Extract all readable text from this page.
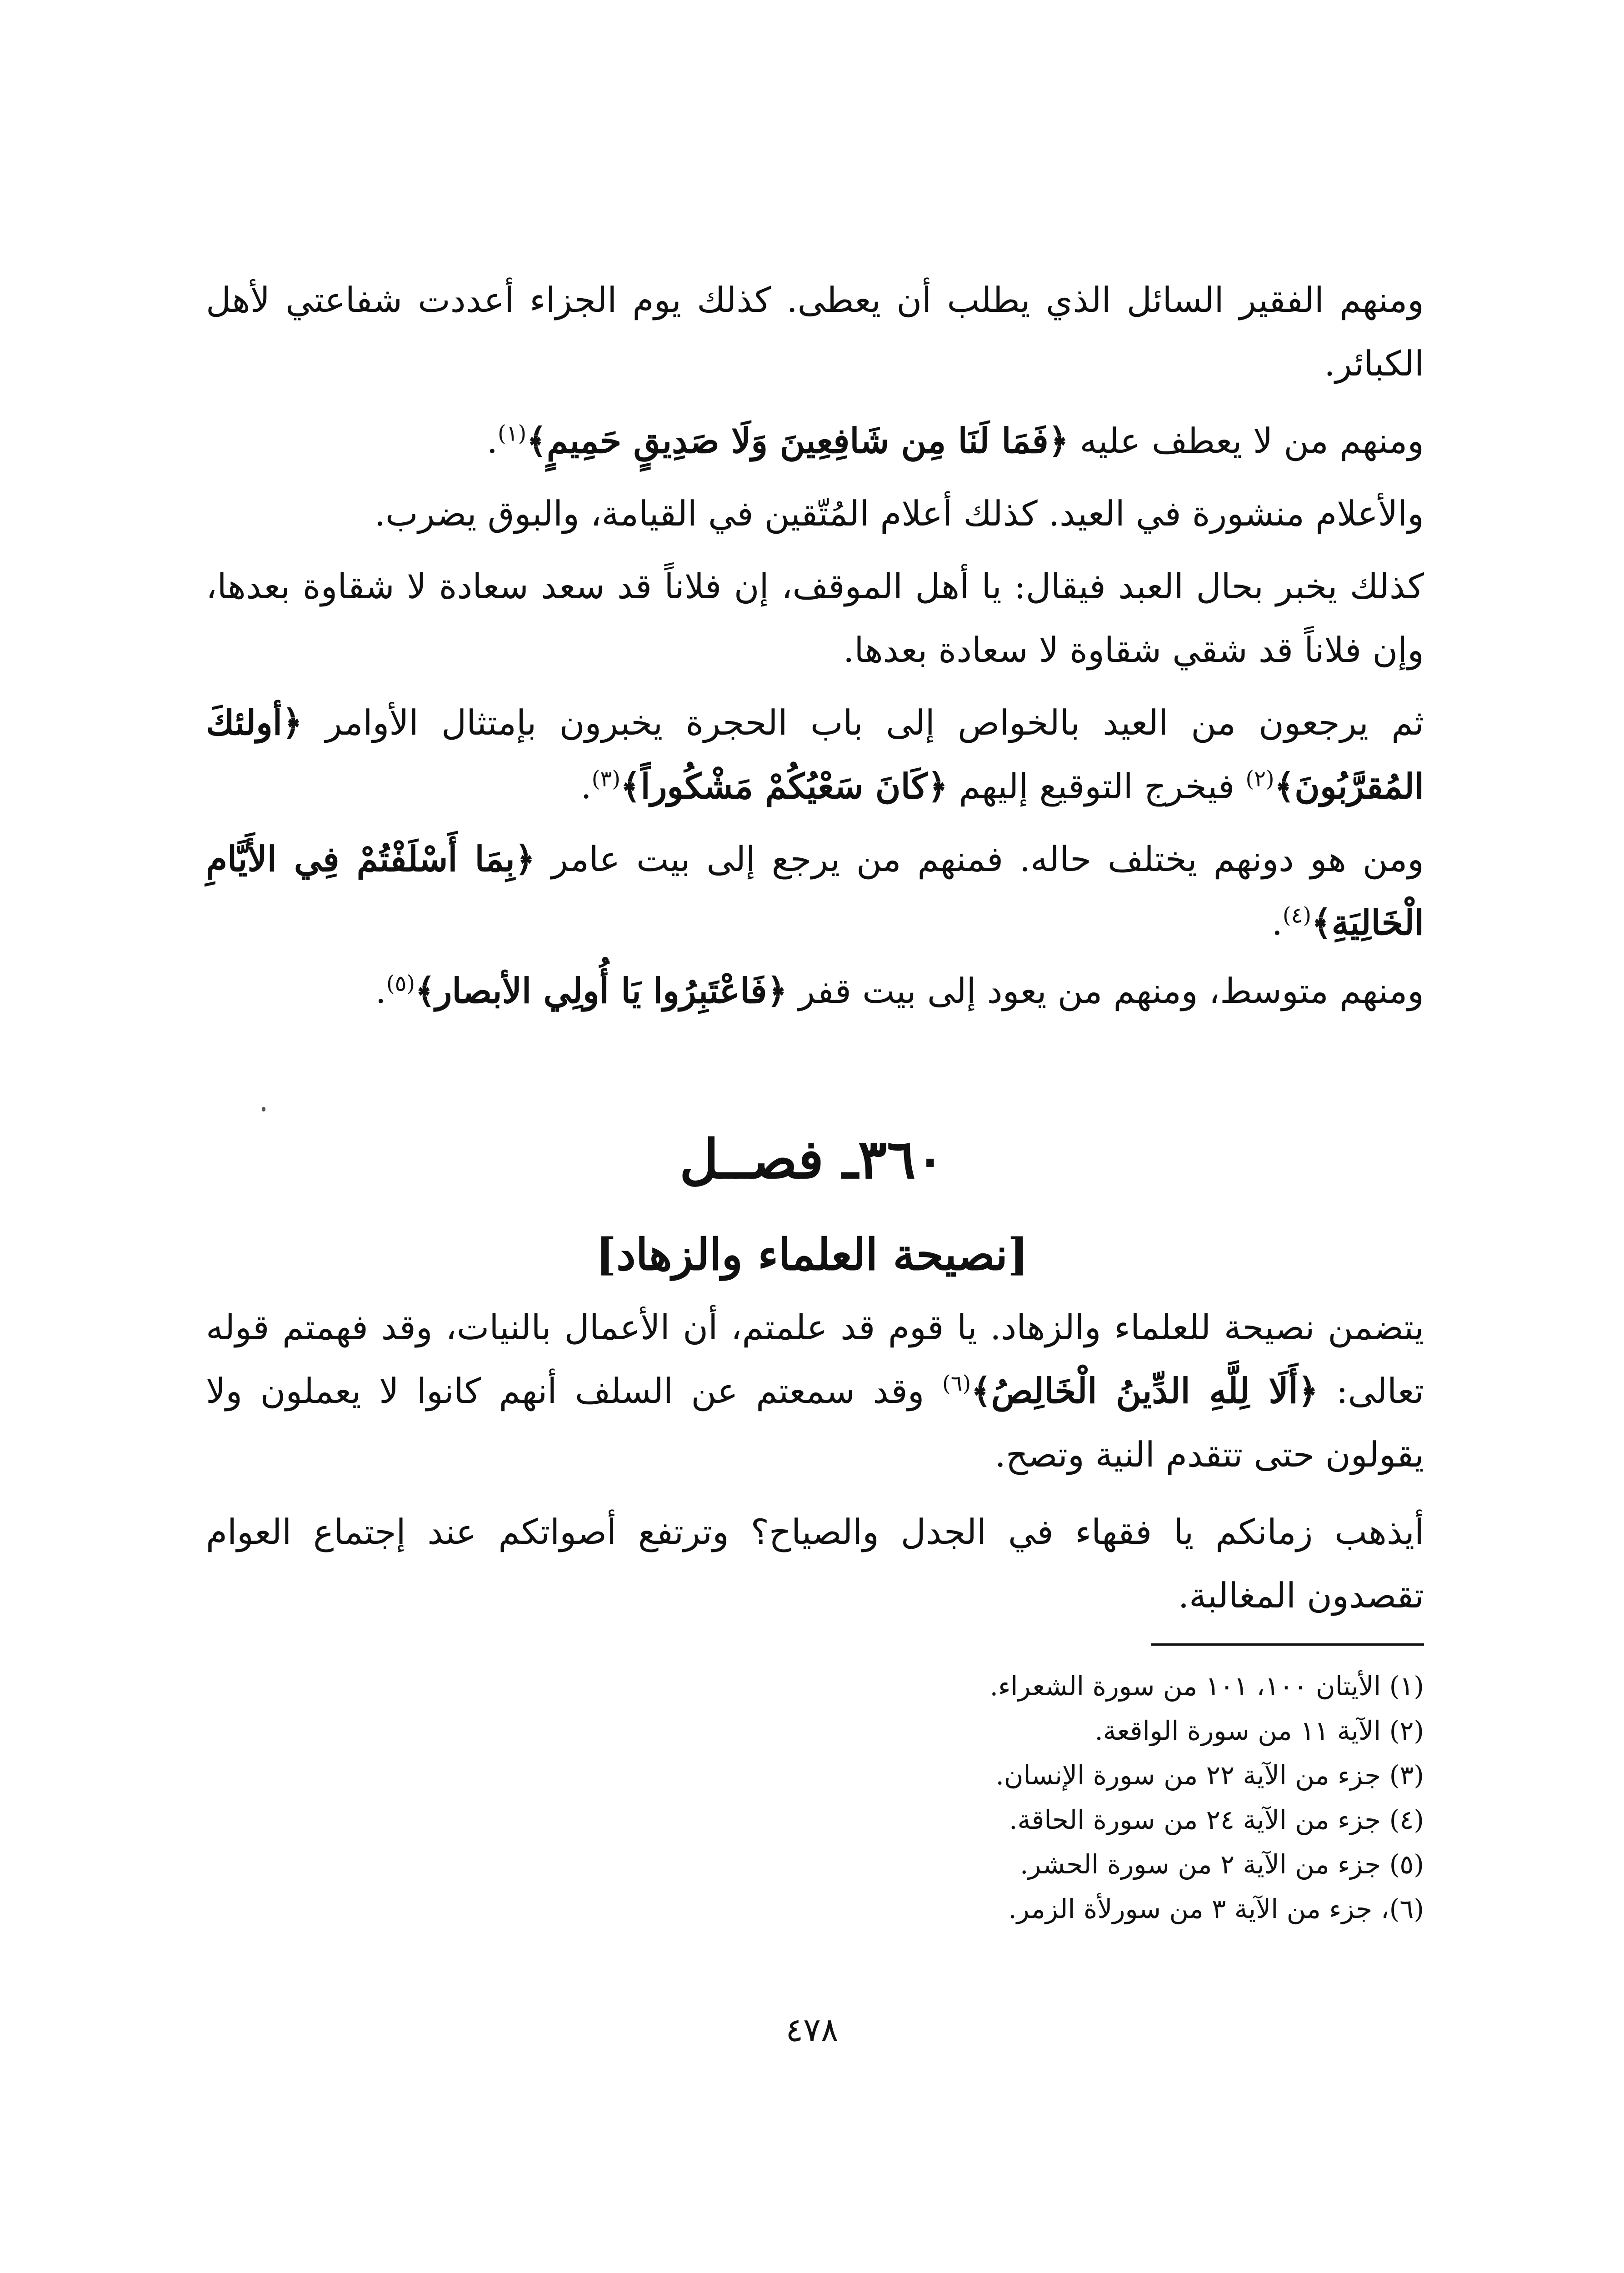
ومنهم الفقير السائل الذي يطلب أن يعطى. كذلك يوم الجزاء أعددت شفاعتي لأهل الكبائر.

ومنهم من لا يعطف عليه ﴿فَمَا لَنَا مِن شَافِعِينَ وَلَا صَدِيقٍ حَمِيمٍ﴾$^{(١)}$.

والأعلام منشورة في العيد. كذلك أعلام المُتّقين في القيامة، والبوق يضرب.

كذلك يخبر بحال العبد فيقال: يا أهل الموقف، إن فلاناً قد سعد سعادة لا شقاوة بعدها، وإن فلاناً قد شقي شقاوة لا سعادة بعدها.

ثم يرجعون من العيد بالخواص إلى باب الحجرة يخبرون بإمتثال الأوامر ﴿أولئكَ المُقرَّبُونَ﴾$^{(٢)}$ فيخرج التوقيع إليهم ﴿كَانَ سَعْيُكُمْ مَشْكُوراً﴾$^{(٣)}$.

ومن هو دونهم يختلف حاله. فمنهم من يرجع إلى بيت عامر ﴿بِمَا أَسْلَفْتُمْ فِي الأَيَّامِ الْخَالِيَةِ﴾$^{(٤)}$.

ومنهم متوسط، ومنهم من يعود إلى بيت قفر ﴿فَاعْتَبِرُوا يَا أُولِي الأبصار﴾$^{(٥)}$.

٣٦٠ـ فصــل
[نصيحة العلماء والزهاد]

يتضمن نصيحة للعلماء والزهاد. يا قوم قد علمتم، أن الأعمال بالنيات، وقد فهمتم قوله تعالى: ﴿أَلَا لِلَّهِ الدِّينُ الْخَالِصُ﴾$^{(٦)}$ وقد سمعتم عن السلف أنهم كانوا لا يعملون ولا يقولون حتى تتقدم النية وتصح.

أيذهب زمانكم يا فقهاء في الجدل والصياح؟ وترتفع أصواتكم عند إجتماع العوام تقصدون المغالبة.

(١) الأيتان ١٠٠، ١٠١ من سورة الشعراء.
(٢) الآية ١١ من سورة الواقعة.
(٣) جزء من الآية ٢٢ من سورة الإنسان.
(٤) جزء من الآية ٢٤ من سورة الحاقة.
(٥) جزء من الآية ٢ من سورة الحشر.
(٦)، جزء من الآية ٣ من سورلأة الزمر.
٤٧٨
